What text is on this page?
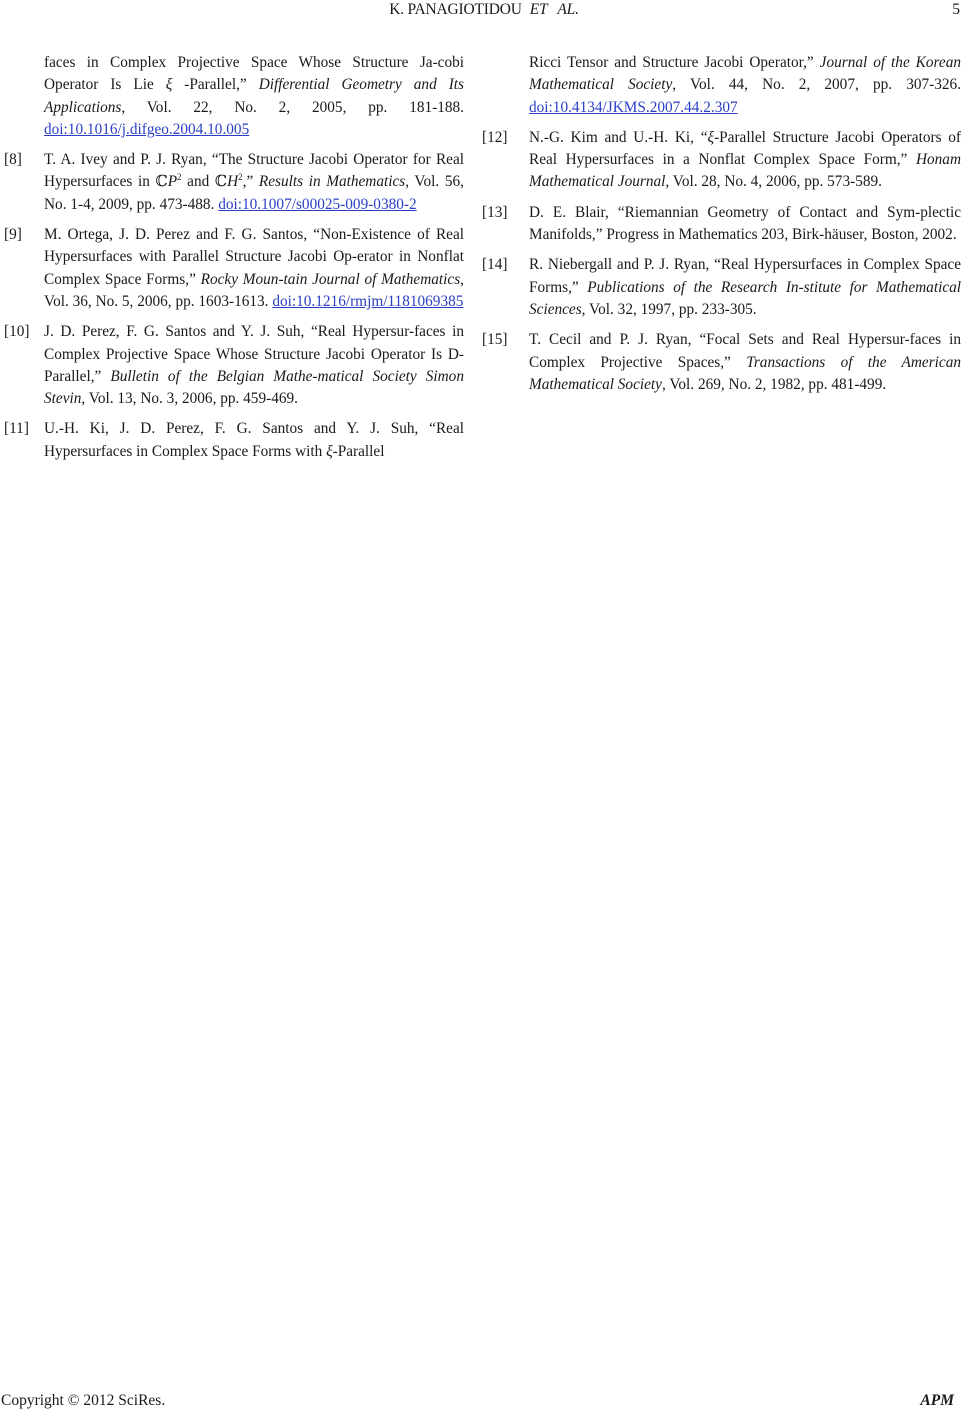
K. PANAGIOTIDOU ET AL.	5
faces in Complex Projective Space Whose Structure Ja-cobi Operator Is Lie ξ -Parallel,” Differential Geometry and Its Applications, Vol. 22, No. 2, 2005, pp. 181-188. doi:10.1016/j.difgeo.2004.10.005
[8] T. A. Ivey and P. J. Ryan, “The Structure Jacobi Operator for Real Hypersurfaces in ℂP$^2$ and ℂH$^2$,” Results in Mathematics, Vol. 56, No. 1-4, 2009, pp. 473-488. doi:10.1007/s00025-009-0380-2
[9] M. Ortega, J. D. Perez and F. G. Santos, “Non-Existence of Real Hypersurfaces with Parallel Structure Jacobi Op-erator in Nonflat Complex Space Forms,” Rocky Moun-tain Journal of Mathematics, Vol. 36, No. 5, 2006, pp. 1603-1613. doi:10.1216/rmjm/1181069385
[10] J. D. Perez, F. G. Santos and Y. J. Suh, “Real Hypersur-faces in Complex Projective Space Whose Structure Jacobi Operator Is D-Parallel,” Bulletin of the Belgian Mathe-matical Society Simon Stevin, Vol. 13, No. 3, 2006, pp. 459-469.
[11] U.-H. Ki, J. D. Perez, F. G. Santos and Y. J. Suh, “Real Hypersurfaces in Complex Space Forms with ξ-Parallel
Ricci Tensor and Structure Jacobi Operator,” Journal of the Korean Mathematical Society, Vol. 44, No. 2, 2007, pp. 307-326. doi:10.4134/JKMS.2007.44.2.307
[12] N.-G. Kim and U.-H. Ki, “ξ-Parallel Structure Jacobi Operators of Real Hypersurfaces in a Nonflat Complex Space Form,” Honam Mathematical Journal, Vol. 28, No. 4, 2006, pp. 573-589.
[13] D. E. Blair, “Riemannian Geometry of Contact and Sym-plectic Manifolds,” Progress in Mathematics 203, Birk-häuser, Boston, 2002.
[14] R. Niebergall and P. J. Ryan, “Real Hypersurfaces in Complex Space Forms,” Publications of the Research In-stitute for Mathematical Sciences, Vol. 32, 1997, pp. 233-305.
[15] T. Cecil and P. J. Ryan, “Focal Sets and Real Hypersur-faces in Complex Projective Spaces,” Transactions of the American Mathematical Society, Vol. 269, No. 2, 1982, pp. 481-499.
Copyright © 2012 SciRes.	APM
